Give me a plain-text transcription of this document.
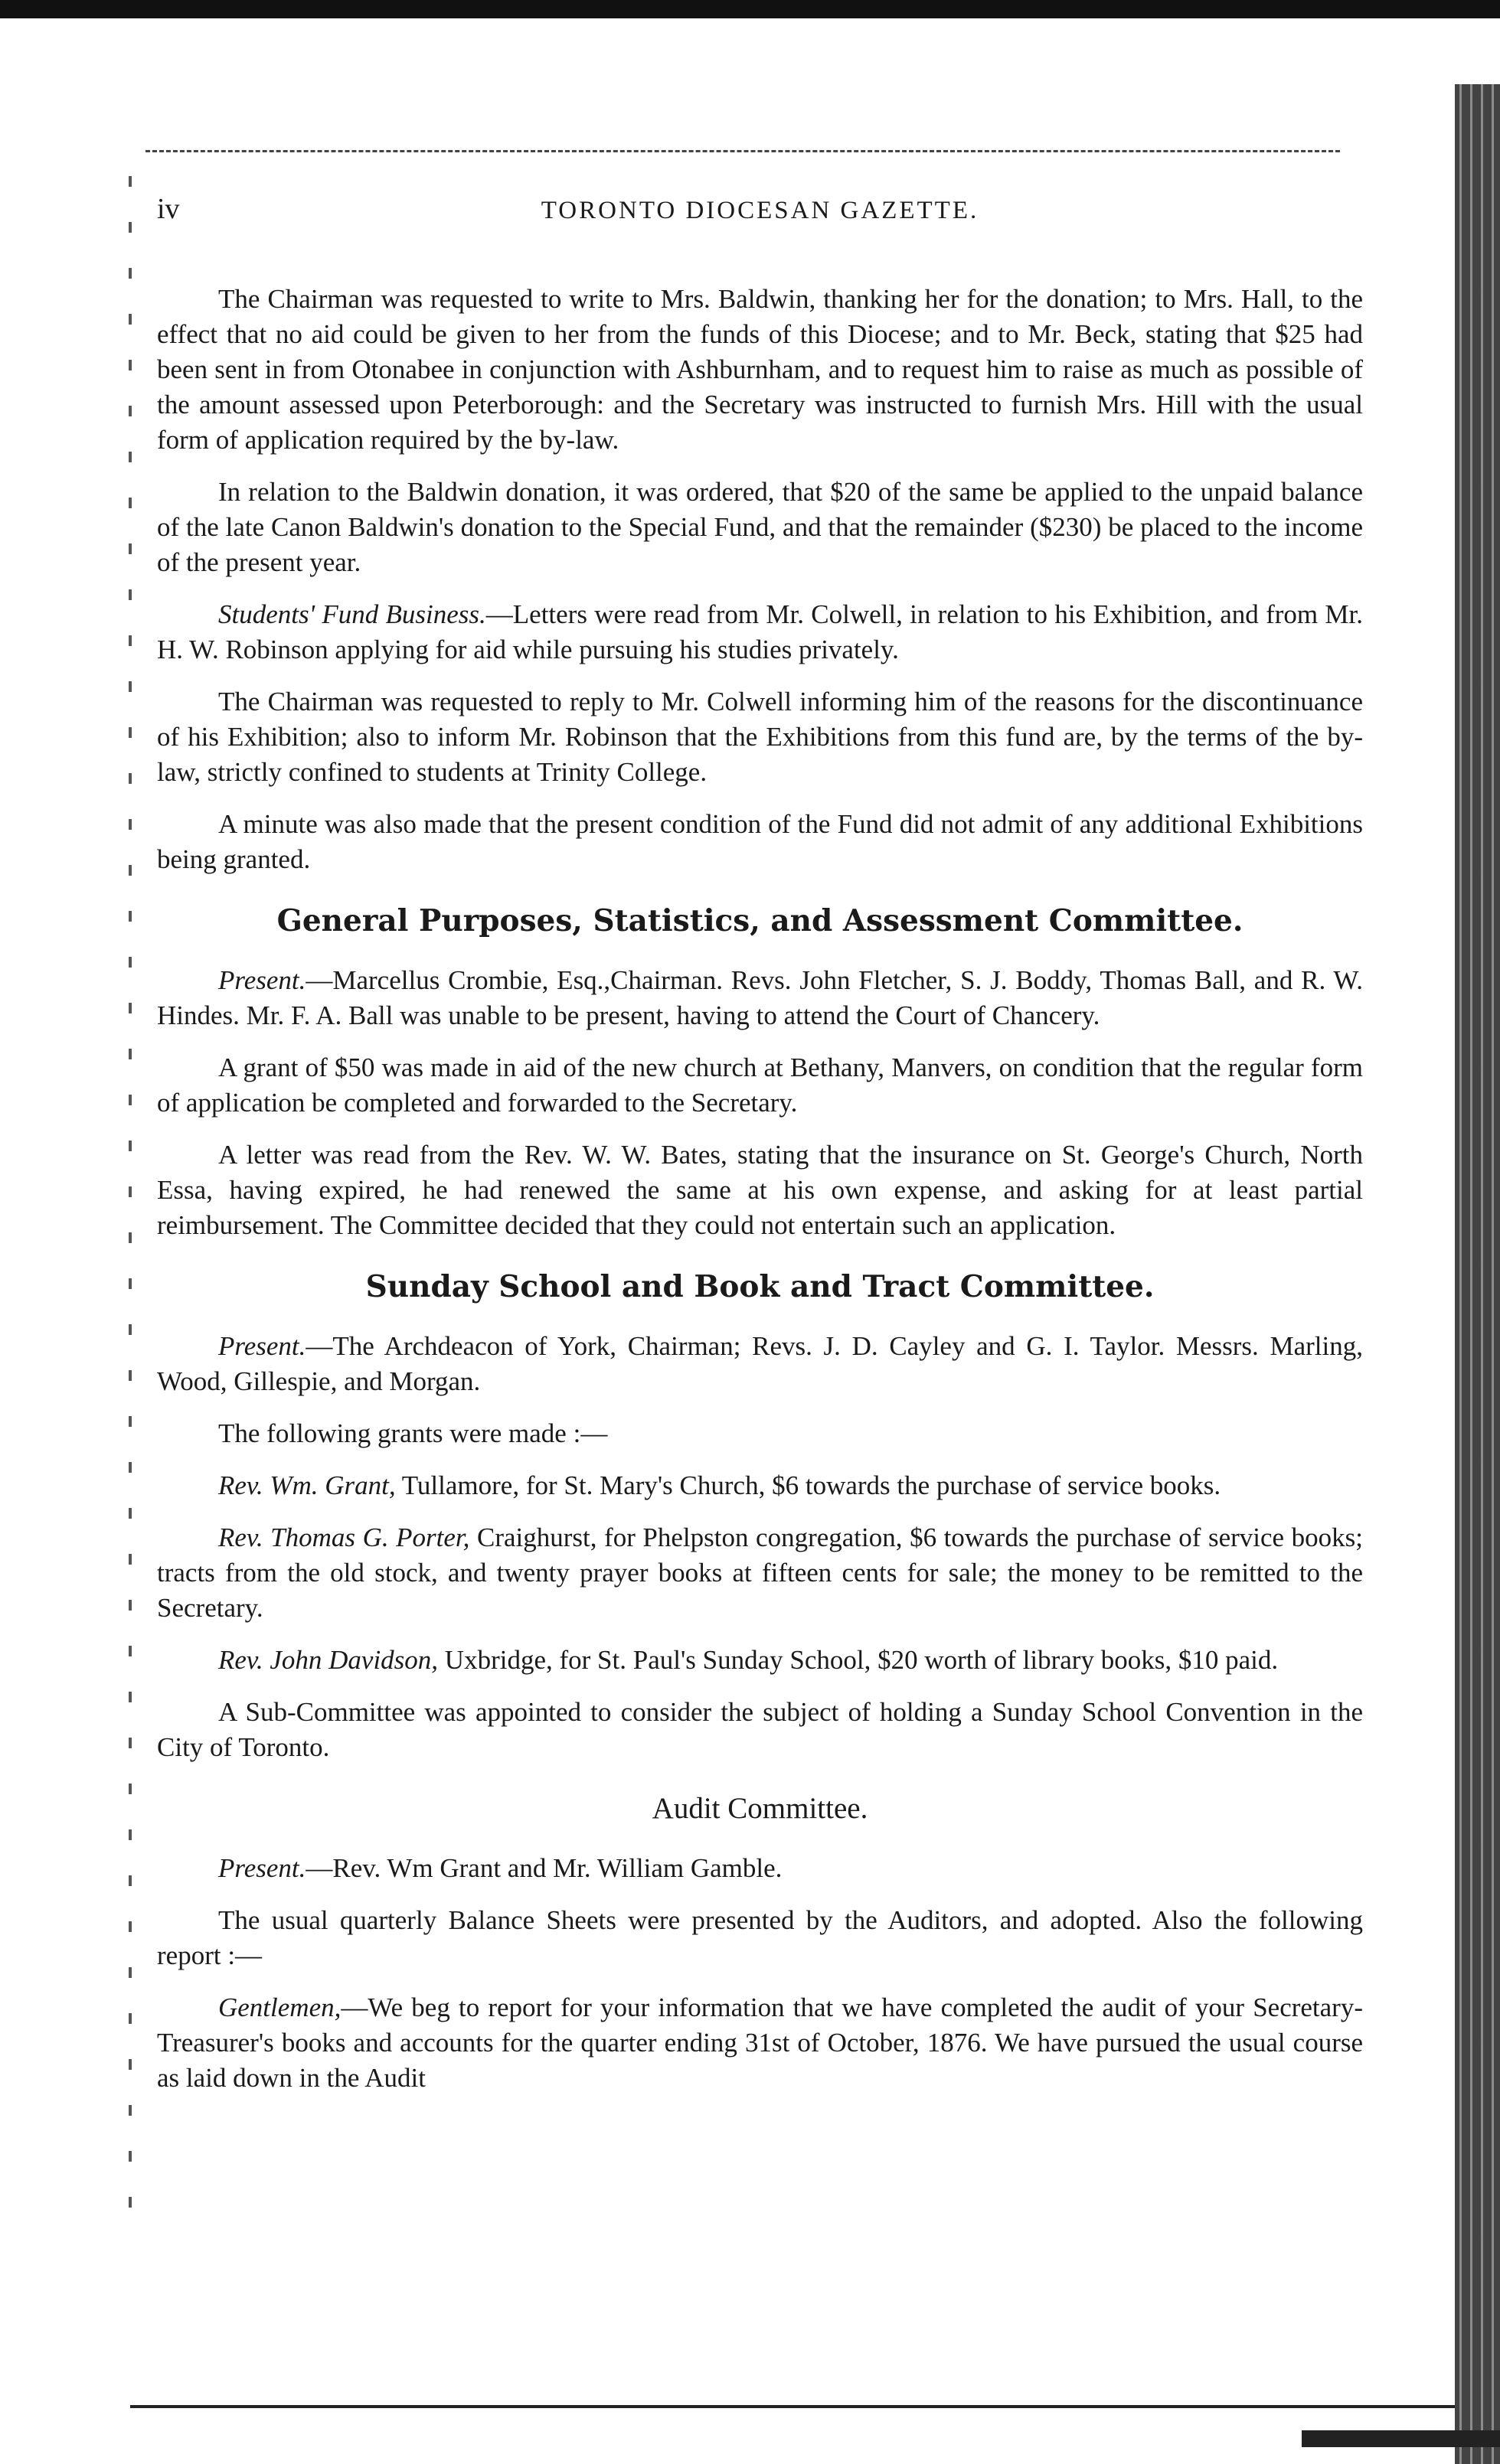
iv	TORONTO DIOCESAN GAZETTE.

The Chairman was requested to write to Mrs. Baldwin, thanking her for the donation; to Mrs. Hall, to the effect that no aid could be given to her from the funds of this Diocese; and to Mr. Beck, stating that $25 had been sent in from Otonabee in conjunction with Ashburnham, and to request him to raise as much as possible of the amount assessed upon Peterborough: and the Secretary was instructed to furnish Mrs. Hill with the usual form of application required by the by-law.

In relation to the Baldwin donation, it was ordered, that $20 of the same be applied to the unpaid balance of the late Canon Baldwin's donation to the Special Fund, and that the remainder ($230) be placed to the income of the present year.

Students' Fund Business.—Letters were read from Mr. Colwell, in relation to his Exhibition, and from Mr. H. W. Robinson applying for aid while pursuing his studies privately.

The Chairman was requested to reply to Mr. Colwell informing him of the reasons for the discontinuance of his Exhibition; also to inform Mr. Robinson that the Exhibitions from this fund are, by the terms of the by-law, strictly confined to students at Trinity College.

A minute was also made that the present condition of the Fund did not admit of any additional Exhibitions being granted.

General Purposes, Statistics, and Assessment Committee.

Present.—Marcellus Crombie, Esq.,Chairman. Revs. John Fletcher, S. J. Boddy, Thomas Ball, and R. W. Hindes. Mr. F. A. Ball was unable to be present, having to attend the Court of Chancery.

A grant of $50 was made in aid of the new church at Bethany, Manvers, on condition that the regular form of application be completed and forwarded to the Secretary.

A letter was read from the Rev. W. W. Bates, stating that the insurance on St. George's Church, North Essa, having expired, he had renewed the same at his own expense, and asking for at least partial reimbursement. The Committee decided that they could not entertain such an application.

Sunday School and Book and Tract Committee.

Present.—The Archdeacon of York, Chairman; Revs. J. D. Cayley and G. I. Taylor. Messrs. Marling, Wood, Gillespie, and Morgan.

The following grants were made :—

Rev. Wm. Grant, Tullamore, for St. Mary's Church, $6 towards the purchase of service books.

Rev. Thomas G. Porter, Craighurst, for Phelpston congregation, $6 towards the purchase of service books; tracts from the old stock, and twenty prayer books at fifteen cents for sale; the money to be remitted to the Secretary.

Rev. John Davidson, Uxbridge, for St. Paul's Sunday School, $20 worth of library books, $10 paid.

A Sub-Committee was appointed to consider the subject of holding a Sunday School Convention in the City of Toronto.

Audit Committee.

Present.—Rev. Wm Grant and Mr. William Gamble.

The usual quarterly Balance Sheets were presented by the Auditors, and adopted. Also the following report :—

Gentlemen,—We beg to report for your information that we have completed the audit of your Secretary-Treasurer's books and accounts for the quarter ending 31st of October, 1876. We have pursued the usual course as laid down in the Audit
